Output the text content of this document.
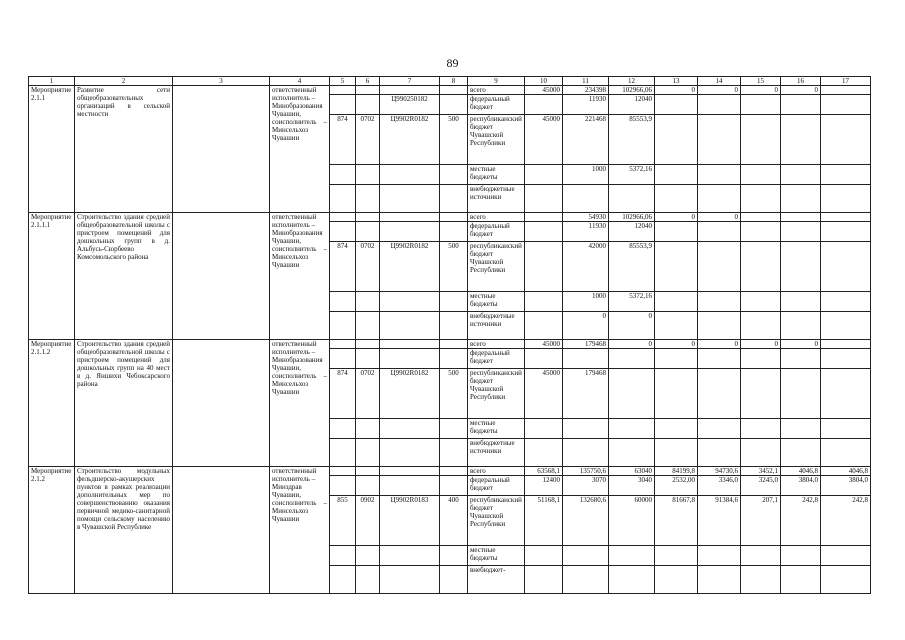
89
1	2	3	4	5	6	7	8	9	10	11	12	13	14	15	16	17
Мероприятие 2.1.1	Развитие сети общеобразовательных организаций в сельской местности		ответственный исполнитель –
Минобразования Чувашии, соисполнитель – Минсельхоз Чувашии					всего	45000	234398	102966,06	0	0	0	0	
						Ц990250182		федеральный бюджет		11930	12040					
				874	0702	Ц9902R0182	500	республиканский бюджет Чувашской Республики	45000	221468	85553,9					
								местные бюджеты		1000	5372,16					
								внебюджетные источники								
Мероприятие 2.1.1.1	Строительство здания средней общеобразовательной школы с пристроем помещений для дошкольных групп в д. Альбусь-Сюрбеево Комсомольского района		ответственный исполнитель –
Минобразования Чувашии, соисполнитель – Минсельхоз Чувашии					всего		54930	102966,06	0	0			
								федеральный бюджет		11930	12040					
				874	0702	Ц9902R0182	500	республиканский бюджет Чувашской Республики		42000	85553,9					
								местные бюджеты		1000	5372,16					
								внебюджетные источники		0	0					
Мероприятие 2.1.1.2	Строительство здания средней общеобразовательной школы с пристроем помещений для дошкольных групп на 40 мест в д. Яншихи Чебоксарского района		ответственный исполнитель –
Минобразования Чувашии, соисполнитель – Минсельхоз Чувашии					всего	45000	179468	0	0	0	0	0	
								федеральный бюджет								
				874	0702	Ц9902R0182	500	республиканский бюджет Чувашской Республики	45000	179468						
								местные бюджеты								
								внебюджетные источники								
Мероприятие 2.1.2	Строительство модульных фельдшерско-акушерских пунктов в рамках реализации дополнительных мер по совершенствованию оказания первичной медико-санитарной помощи сельскому населению в Чувашской Республике		ответственный исполнитель –
Минздрав Чувашии, соисполнитель – Минсельхоз Чувашии					всего	63568,1	135750,6	63040	84199,8	94730,6	3452,1	4046,8	4046,8
								федеральный бюджет	12400	3070	3040	2532,00	3346,0	3245,0	3804,0	3804,0
				855	0902	Ц9902R0183	400	республиканский бюджет Чувашской Республики	51168,1	132680,6	60000	81667,8	91384,6	207,1	242,8	242,8
								местные бюджеты								
								внебюджет-								
